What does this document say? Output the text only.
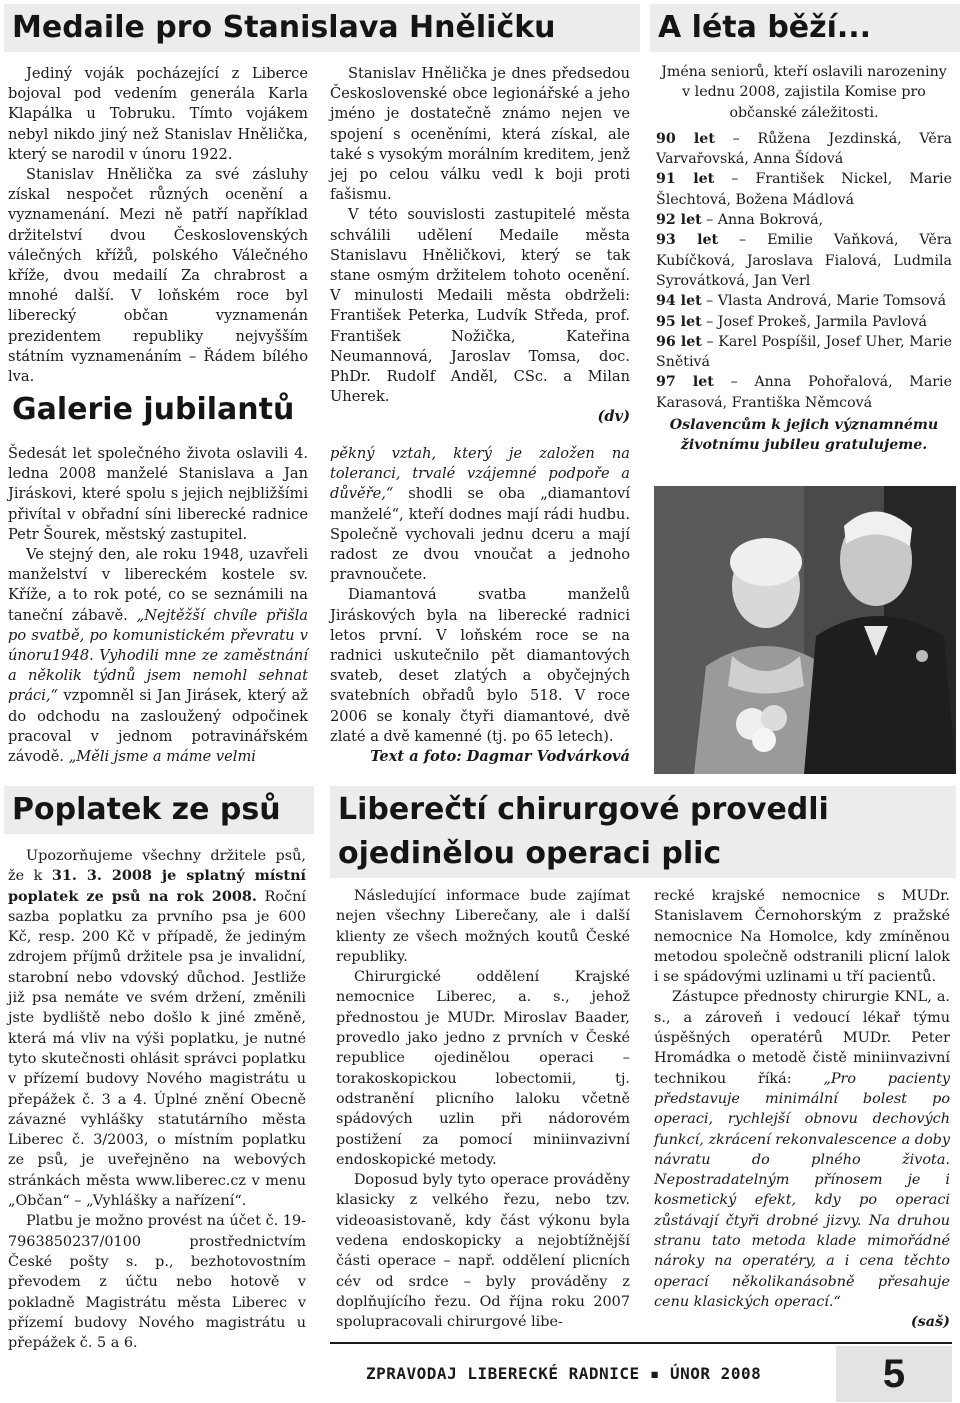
Medaile pro Stanislava Hněličku

Jediný voják pocházející z Liberce bojoval pod vedením generála Karla Klapálka u Tobruku. Tímto vojákem nebyl nikdo jiný než Stanislav Hnělička, který se narodil v únoru 1922.

Stanislav Hnělička za své zásluhy získal nespočet různých ocenění a vyznamenání. Mezi ně patří například držitelství dvou Československých válečných křížů, polského Válečného kříže, dvou medailí Za chrabrost a mnohé další. V loňském roce byl liberecký občan vyznamenán prezidentem republiky nejvyšším státním vyznamenáním – Řádem bílého lva.

Stanislav Hnělička je dnes předsedou Československé obce legionářské a jeho jméno je dostatečně známo nejen ve spojení s oceněními, která získal, ale také s vysokým morálním kreditem, jenž jej po celou válku vedl k boji proti fašismu.

V této souvislosti zastupitelé města schválili udělení Medaile města Stanislavu Hněličkovi, který se tak stane osmým držitelem tohoto ocenění. V minulosti Medaili města obdrželi: František Peterka, Ludvík Středa, prof. František Nožička, Kateřina Neumannová, Jaroslav Tomsa, doc. PhDr. Rudolf Anděl, CSc. a Milan Uherek.

(dv)
A léta běží...

Jména seniorů, kteří oslavili narozeniny v lednu 2008, zajistila Komise pro občanské záležitosti.

90 let – Růžena Jezdinská, Věra Varvařovská, Anna Šídová

91 let – František Nickel, Marie Šlechtová, Božena Mádlová

92 let – Anna Bokrová,

93 let – Emilie Vaňková, Věra Kubíčková, Jaroslava Fialová, Ludmila Syrovátková, Jan Verl

94 let – Vlasta Andrová, Marie Tomsová

95 let – Josef Prokeš, Jarmila Pavlová

96 let – Karel Pospíšil, Josef Uher, Marie Snětivá

97 let – Anna Pohořalová, Marie Karasová, Františka Němcová

Oslavencům k jejich významnému životnímu jubileu gratulujeme.

Galerie jubilantů

Šedesát let společného života oslavili 4. ledna 2008 manželé Stanislava a Jan Jiráskovi, které spolu s jejich nejbližšími přivítal v obřadní síni liberecké radnice Petr Šourek, městský zastupitel.

Ve stejný den, ale roku 1948, uzavřeli manželství v libereckém kostele sv. Kříže, a to rok poté, co se seznámili na taneční zábavě. „Nejtěžší chvíle přišla po svatbě, po komunistickém převratu v únoru1948. Vyhodili mne ze zaměstnání a několik týdnů jsem nemohl sehnat práci,“ vzpomněl si Jan Jirásek, který až do odchodu na zasloužený odpočinek pracoval v jednom potravinářském závodě. „Měli jsme a máme velmi

pěkný vztah, který je založen na toleranci, trvalé vzájemné podpoře a důvěře,“ shodli se oba „diamantoví manželé“, kteří dodnes mají rádi hudbu. Společně vychovali jednu dceru a mají radost ze dvou vnoučat a jednoho pravnoučete.

Diamantová svatba manželů Jiráskových byla na liberecké radnici letos první. V loňském roce se na radnici uskutečnilo pět diamantových svateb, deset zlatých a obyčejných svatebních obřadů bylo 518. V roce 2006 se konaly čtyři diamantové, dvě zlaté a dvě kamenné (tj. po 65 letech).

Text a foto: Dagmar Vodvárková
Poplatek ze psů

Upozorňujeme všechny držitele psů, že k 31. 3. 2008 je splatný místní poplatek ze psů na rok 2008. Roční sazba poplatku za prvního psa je 600 Kč, resp. 200 Kč v případě, že jediným zdrojem příjmů držitele psa je invalidní, starobní nebo vdovský důchod. Jestliže již psa nemáte ve svém držení, změnili jste bydliště nebo došlo k jiné změně, která má vliv na výši poplatku, je nutné tyto skutečnosti ohlásit správci poplatku v přízemí budovy Nového magistrátu u přepážek č. 3 a 4. Úplné znění Obecně závazné vyhlášky statutárního města Liberec č. 3/2003, o místním poplatku ze psů, je uveřejněno na webových stránkách města www.liberec.cz v menu „Občan“ – „Vyhlášky a nařízení“.

Platbu je možno provést na účet č. 19-7963850237/0100 prostřednictvím České pošty s. p., bezhotovostním převodem z účtu nebo hotově v pokladně Magistrátu města Liberec v přízemí budovy Nového magistrátu u přepážek č. 5 a 6.

Liberečtí chirurgové provedli
ojedinělou operaci plic

Následující informace bude zajímat nejen všechny Liberečany, ale i další klienty ze všech možných koutů České republiky.

Chirurgické oddělení Krajské nemocnice Liberec, a. s., jehož přednostou je MUDr. Miroslav Baader, provedlo jako jedno z prvních v České republice ojedinělou operaci – torakoskopickou lobectomii, tj. odstranění plicního laloku včetně spádových uzlin při nádorovém postižení za pomocí miniinvazivní endoskopické metody.

Doposud byly tyto operace prováděny klasicky z velkého řezu, nebo tzv. videoasistovaně, kdy část výkonu byla vedena endoskopicky a nejobtížnější části operace – např. oddělení plicních cév od srdce – byly prováděny z doplňujícího řezu. Od října roku 2007 spolupracovali chirurgové libe-

recké krajské nemocnice s MUDr. Stanislavem Černohorským z pražské nemocnice Na Homolce, kdy zmíněnou metodou společně odstranili plicní lalok i se spádovými uzlinami u tří pacientů.

Zástupce přednosty chirurgie KNL, a. s., a zároveň i vedoucí lékař týmu úspěšných operatérů MUDr. Peter Hromádka o metodě čistě miniinvazivní technikou říká: „Pro pacienty představuje minimální bolest po operaci, rychlejší obnovu dechových funkcí, zkrácení rekonvalescence a doby návratu do plného života. Nepostradatelným přínosem je i kosmetický efekt, kdy po operaci zůstávají čtyři drobné jizvy. Na druhou stranu tato metoda klade mimořádné nároky na operatéry, a i cena těchto operací několikanásobně přesahuje cenu klasických operací.“

(saš)
ZPRAVODAJ LIBERECKÉ RADNICE ▪ ÚNOR 2008	5
